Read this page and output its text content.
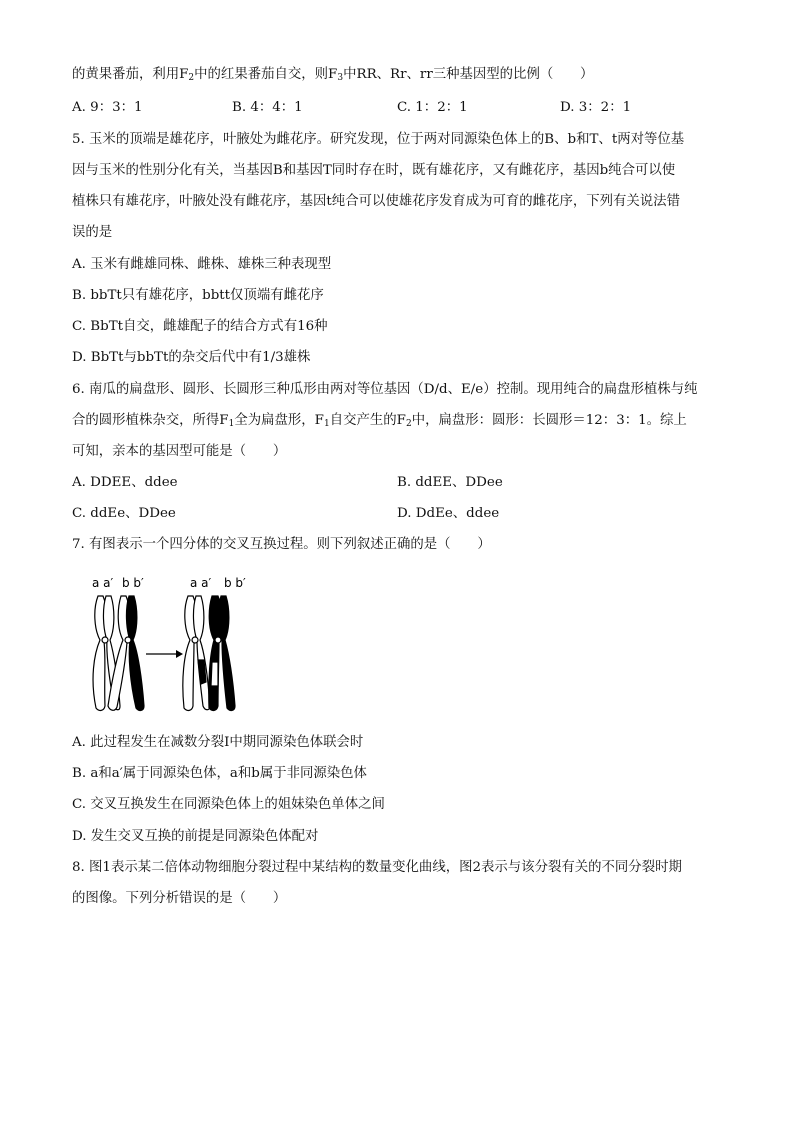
的黄果番茄，利用$F_2$中的红果番茄自交，则$F_3$中RR、Rr、rr三种基因型的比例（　　）
A. 9：3：1	B. 4：4：1	C. 1：2：1	D. 3：2：1
5. 玉米的顶端是雄花序，叶腋处为雌花序。研究发现，位于两对同源染色体上的B、b和T、t两对等位基
因与玉米的性别分化有关，当基因B和基因T同时存在时，既有雄花序，又有雌花序，基因b纯合可以使
植株只有雄花序，叶腋处没有雌花序，基因t纯合可以使雄花序发育成为可育的雌花序，下列有关说法错
误的是
A. 玉米有雌雄同株、雌株、雄株三种表现型
B. bbTt只有雄花序，bbtt仅顶端有雌花序
C. BbTt自交，雌雄配子的结合方式有16种
D. BbTt与bbTt的杂交后代中有1/3雄株
6. 南瓜的扁盘形、圆形、长圆形三种瓜形由两对等位基因（D/d、E/e）控制。现用纯合的扁盘形植株与纯
合的圆形植株杂交，所得$F_1$全为扁盘形，$F_1$自交产生的$F_2$中，扁盘形：圆形：长圆形＝12：3：1。综上
可知，亲本的基因型可能是（　　）
A. DDEE、ddee	B. ddEE、DDee
C. ddEe、DDee	D. DdEe、ddee
7. 有图表示一个四分体的交叉互换过程。则下列叙述正确的是（　　）
a a′ b b′	a a′ b b′
A. 此过程发生在减数分裂Ⅰ中期同源染色体联会时
B. a和a′属于同源染色体，a和b属于非同源染色体
C. 交叉互换发生在同源染色体上的姐妹染色单体之间
D. 发生交叉互换的前提是同源染色体配对
8. 图1表示某二倍体动物细胞分裂过程中某结构的数量变化曲线，图2表示与该分裂有关的不同分裂时期
的图像。下列分析错误的是（　　）
